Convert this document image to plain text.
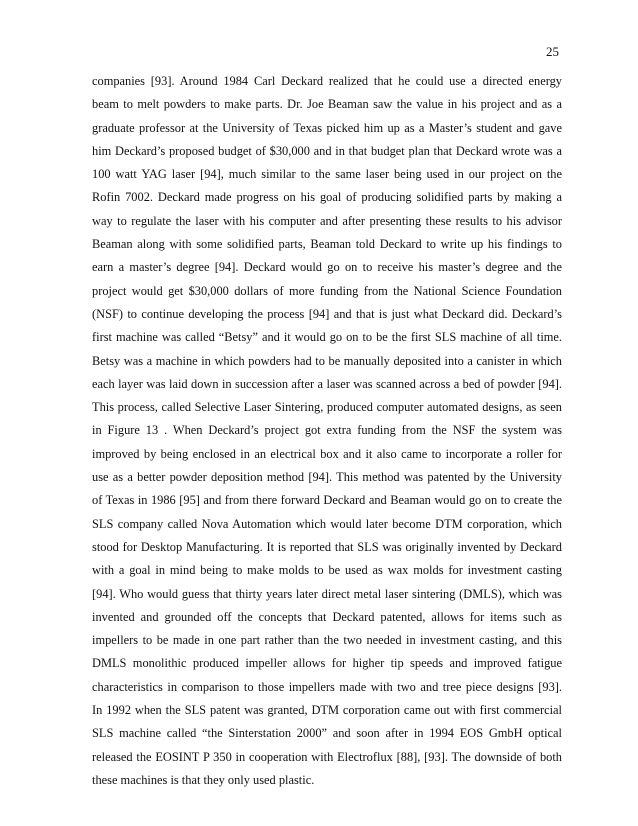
25
companies [93]. Around 1984 Carl Deckard realized that he could use a directed energy
beam to melt powders to make parts. Dr. Joe Beaman saw the value in his project and as a
graduate professor at the University of Texas picked him up as a Master’s student and gave
him Deckard’s proposed budget of $30,000 and in that budget plan that Deckard wrote was a
100 watt YAG laser [94], much similar to the same laser being used in our project on the
Rofin 7002. Deckard made progress on his goal of producing solidified parts by making a
way to regulate the laser with his computer and after presenting these results to his advisor
Beaman along with some solidified parts, Beaman told Deckard to write up his findings to
earn a master’s degree [94]. Deckard would go on to receive his master’s degree and the
project would get $30,000 dollars of more funding from the National Science Foundation
(NSF) to continue developing the process [94] and that is just what Deckard did. Deckard’s
first machine was called “Betsy” and it would go on to be the first SLS machine of all time.
Betsy was a machine in which powders had to be manually deposited into a canister in which
each layer was laid down in succession after a laser was scanned across a bed of powder [94].
This process, called Selective Laser Sintering, produced computer automated designs, as seen
in Figure 13 . When Deckard’s project got extra funding from the NSF the system was
improved by being enclosed in an electrical box and it also came to incorporate a roller for
use as a better powder deposition method [94]. This method was patented by the University
of Texas in 1986 [95] and from there forward Deckard and Beaman would go on to create the
SLS company called Nova Automation which would later become DTM corporation, which
stood for Desktop Manufacturing. It is reported that SLS was originally invented by Deckard
with a goal in mind being to make molds to be used as wax molds for investment casting
[94]. Who would guess that thirty years later direct metal laser sintering (DMLS), which was
invented and grounded off the concepts that Deckard patented, allows for items such as
impellers to be made in one part rather than the two needed in investment casting, and this
DMLS monolithic produced impeller allows for higher tip speeds and improved fatigue
characteristics in comparison to those impellers made with two and tree piece designs [93].
In 1992 when the SLS patent was granted, DTM corporation came out with first commercial
SLS machine called “the Sinterstation 2000” and soon after in 1994 EOS GmbH optical
released the EOSINT P 350 in cooperation with Electroflux [88], [93]. The downside of both
these machines is that they only used plastic.
